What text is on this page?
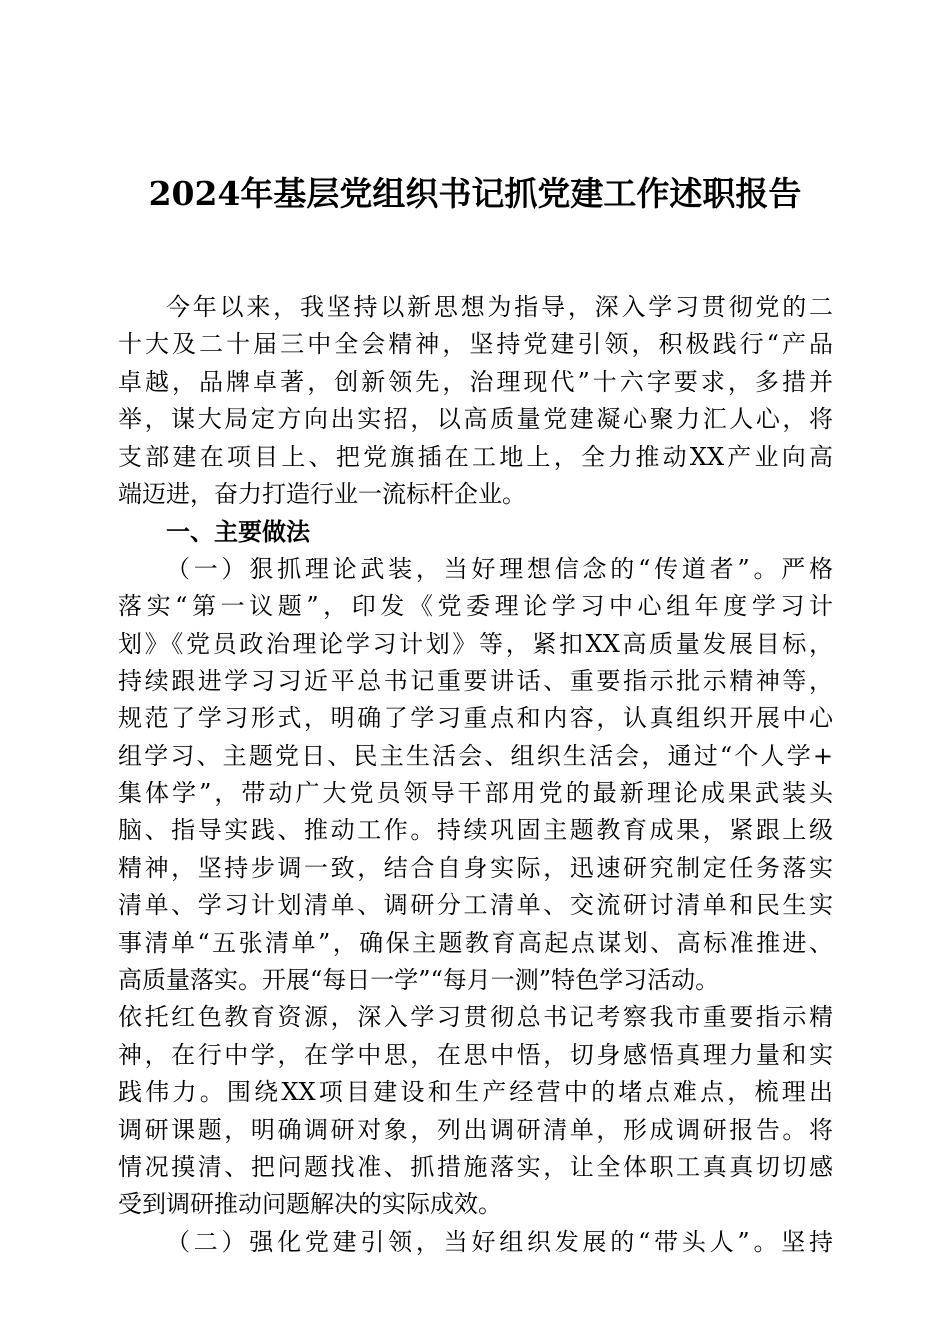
2024年基层党组织书记抓党建工作述职报告
今年以来，我坚持以新思想为指导，深入学习贯彻党的二
十大及二十届三中全会精神，坚持党建引领，积极践行“产品
卓越，品牌卓著，创新领先，治理现代”十六字要求，多措并
举，谋大局定方向出实招，以高质量党建凝心聚力汇人心，将
支部建在项目上、把党旗插在工地上，全力推动XX产业向高
端迈进，奋力打造行业一流标杆企业。
一、主要做法
（一）狠抓理论武装，当好理想信念的“传道者”。严格
落实“第一议题”，印发《党委理论学习中心组年度学习计
划》《党员政治理论学习计划》等，紧扣XX高质量发展目标，
持续跟进学习习近平总书记重要讲话、重要指示批示精神等，
规范了学习形式，明确了学习重点和内容，认真组织开展中心
组学习、主题党日、民主生活会、组织生活会，通过“个人学+
集体学”，带动广大党员领导干部用党的最新理论成果武装头
脑、指导实践、推动工作。持续巩固主题教育成果，紧跟上级
精神，坚持步调一致，结合自身实际，迅速研究制定任务落实
清单、学习计划清单、调研分工清单、交流研讨清单和民生实
事清单“五张清单”，确保主题教育高起点谋划、高标准推进、
高质量落实。开展“每日一学”“每月一测”特色学习活动。
依托红色教育资源，深入学习贯彻总书记考察我市重要指示精
神，在行中学，在学中思，在思中悟，切身感悟真理力量和实
践伟力。围绕XX项目建设和生产经营中的堵点难点，梳理出
调研课题，明确调研对象，列出调研清单，形成调研报告。将
情况摸清、把问题找准、抓措施落实，让全体职工真真切切感
受到调研推动问题解决的实际成效。
（二）强化党建引领，当好组织发展的“带头人”。坚持
